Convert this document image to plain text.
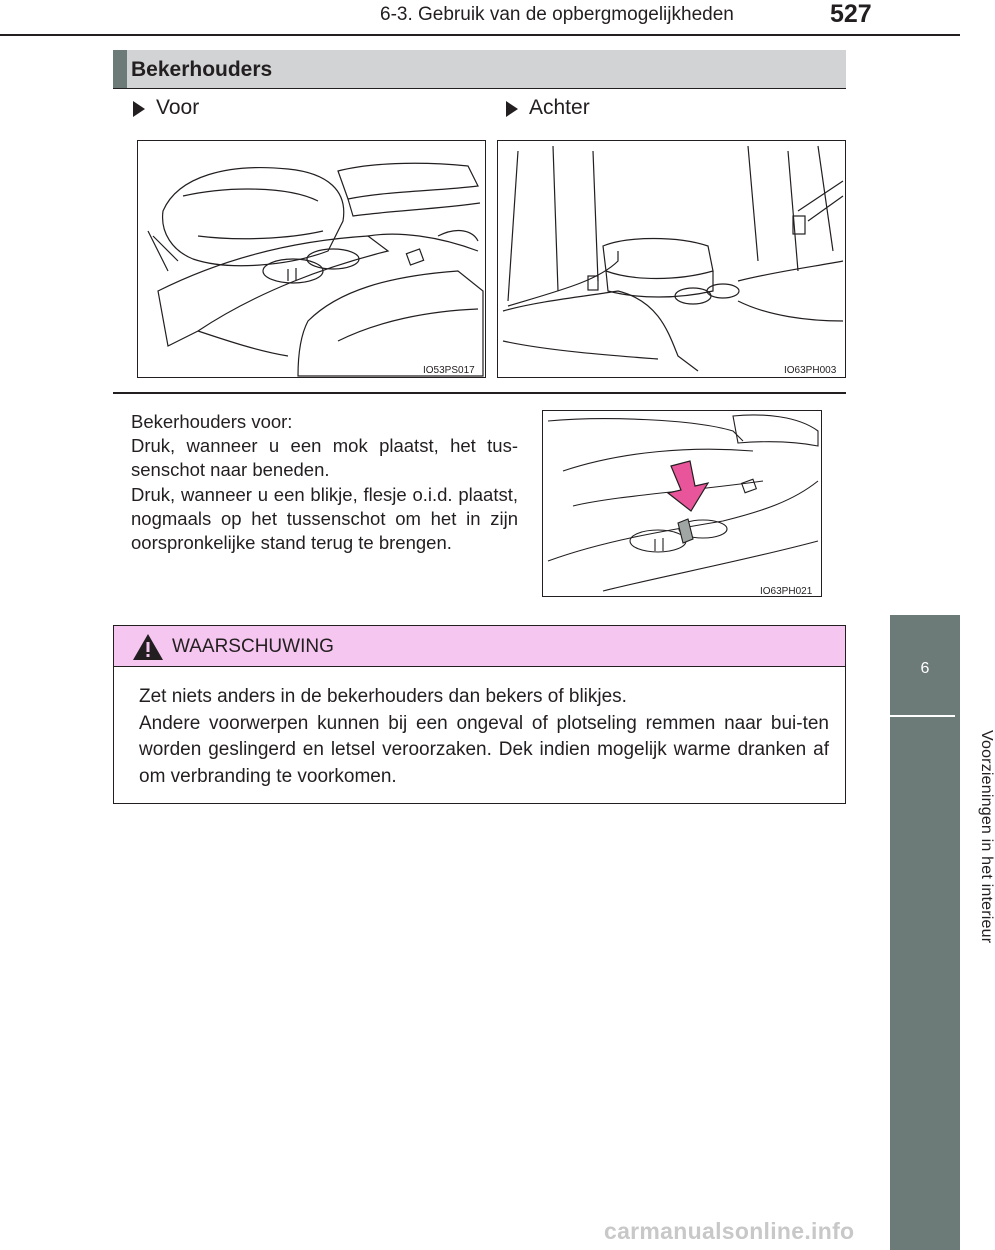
6-3. Gebruik van de opbergmogelijkheden	527
6
Voorzieningen in het interieur
Bekerhouders
Voor	Achter
IO53PS017	IO63PH003
Bekerhouders voor:
Druk, wanneer u een mok plaatst, het tus-senschot naar beneden.
Druk, wanneer u een blikje, flesje o.i.d. plaatst, nogmaals op het tussenschot om het in zijn oorspronkelijke stand terug te brengen.
IO63PH021
WAARSCHUWING
Zet niets anders in de bekerhouders dan bekers of blikjes.
Andere voorwerpen kunnen bij een ongeval of plotseling remmen naar bui-ten worden geslingerd en letsel veroorzaken. Dek indien mogelijk warme dranken af om verbranding te voorkomen.
carmanualsonline.info
